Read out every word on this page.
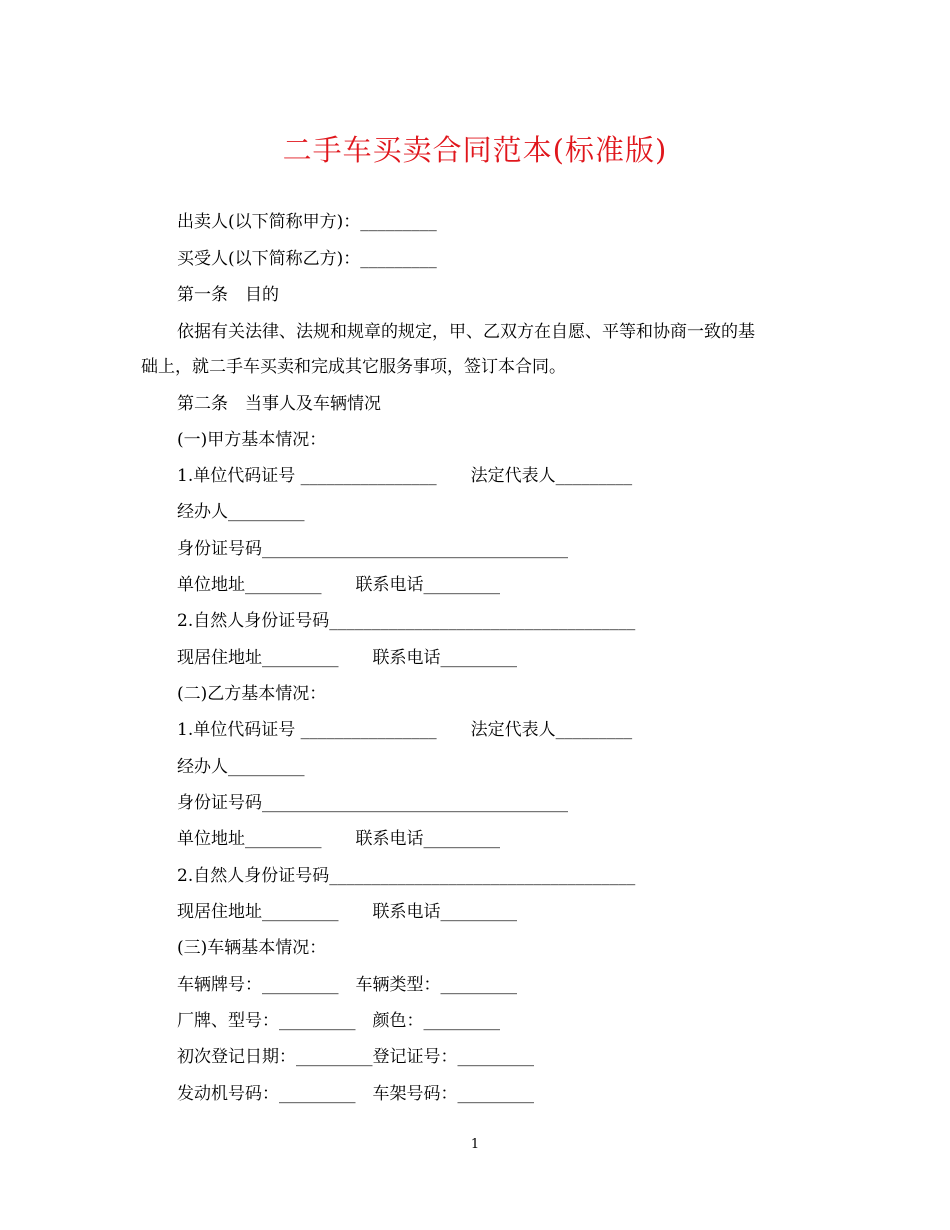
二手车买卖合同范本(标准版)
出卖人(以下简称甲方)：_________
买受人(以下简称乙方)：_________
第一条　目的
依据有关法律、法规和规章的规定，甲、乙双方在自愿、平等和协商一致的基
础上，就二手车买卖和完成其它服务事项，签订本合同。
第二条　当事人及车辆情况
(一)甲方基本情况：
1.单位代码证号 ________________　　法定代表人_________
经办人_________
身份证号码____________________________________
单位地址_________　　联系电话_________
2.自然人身份证号码____________________________________
现居住地址_________　　联系电话_________
(二)乙方基本情况：
1.单位代码证号 ________________　　法定代表人_________
经办人_________
身份证号码____________________________________
单位地址_________　　联系电话_________
2.自然人身份证号码____________________________________
现居住地址_________　　联系电话_________
(三)车辆基本情况：
车辆牌号：_________　车辆类型：_________
厂牌、型号：_________　颜色：_________
初次登记日期：_________登记证号：_________
发动机号码：_________　车架号码：_________
1
